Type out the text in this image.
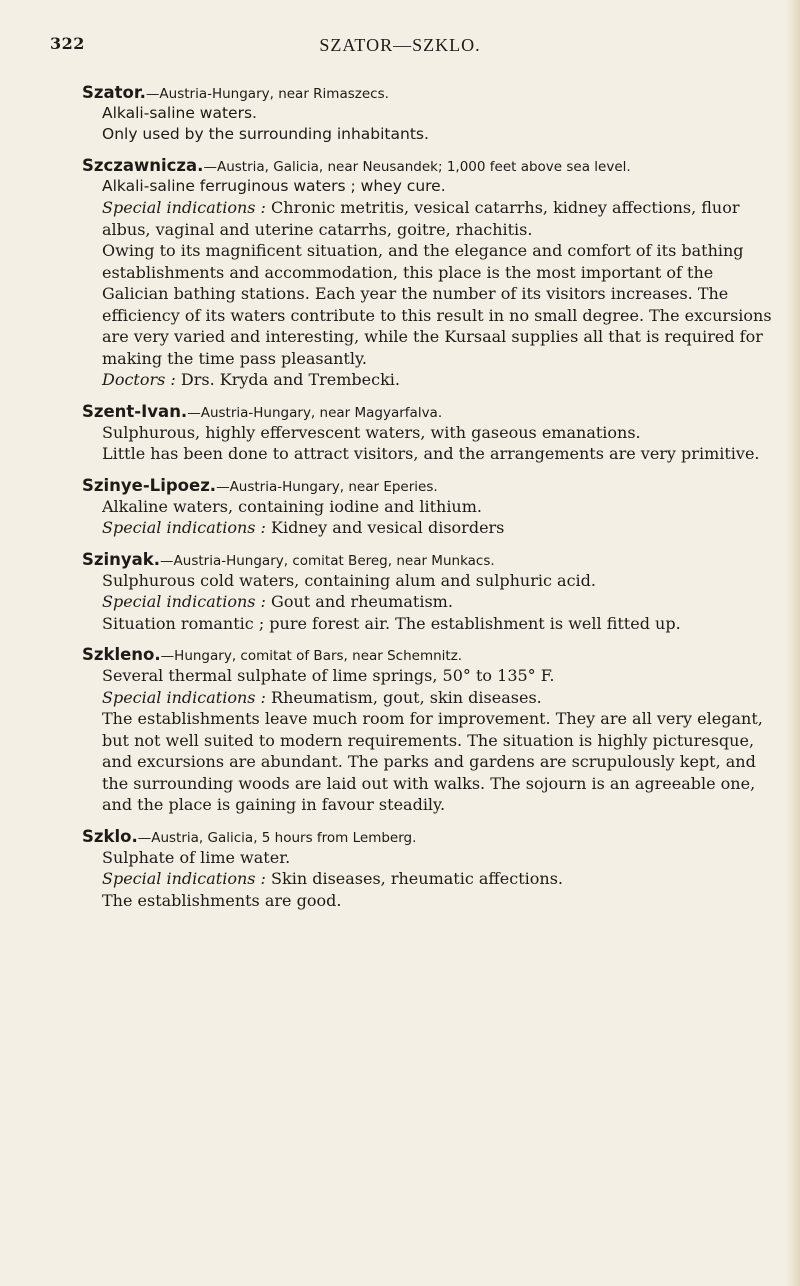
322	SZATOR—SZKLO.
Szator.—Austria-Hungary, near Rimaszecs.

Alkali-saline waters.

Only used by the surrounding inhabitants.

Szczawnicza.—Austria, Galicia, near Neusandek; 1,000 feet above sea level.

Alkali-saline ferruginous waters ; whey cure.

Special indications : Chronic metritis, vesical catarrhs, kidney affections, fluor albus, vaginal and uterine catarrhs, goitre, rhachitis.

Owing to its magnificent situation, and the elegance and comfort of its bathing establishments and accommodation, this place is the most important of the Galician bathing stations. Each year the number of its visitors increases. The efficiency of its waters contribute to this result in no small degree. The excursions are very varied and interesting, while the Kursaal supplies all that is required for making the time pass pleasantly.

Doctors : Drs. Kryda and Trembecki.

Szent-Ivan.—Austria-Hungary, near Magyarfalva.

Sulphurous, highly effervescent waters, with gaseous emanations.

Little has been done to attract visitors, and the arrangements are very primitive.

Szinye-Lipoez.—Austria-Hungary, near Eperies.

Alkaline waters, containing iodine and lithium.

Special indications : Kidney and vesical disorders

Szinyak.—Austria-Hungary, comitat Bereg, near Munkacs.

Sulphurous cold waters, containing alum and sulphuric acid.

Special indications : Gout and rheumatism.

Situation romantic ; pure forest air. The establishment is well fitted up.

Szkleno.—Hungary, comitat of Bars, near Schemnitz.

Several thermal sulphate of lime springs, 50° to 135° F.

Special indications : Rheumatism, gout, skin diseases.

The establishments leave much room for improvement. They are all very elegant, but not well suited to modern requirements. The situation is highly picturesque, and excursions are abundant. The parks and gardens are scrupulously kept, and the surrounding woods are laid out with walks. The sojourn is an agreeable one, and the place is gaining in favour steadily.

Szklo.—Austria, Galicia, 5 hours from Lemberg.

Sulphate of lime water.

Special indications : Skin diseases, rheumatic affections.

The establishments are good.
